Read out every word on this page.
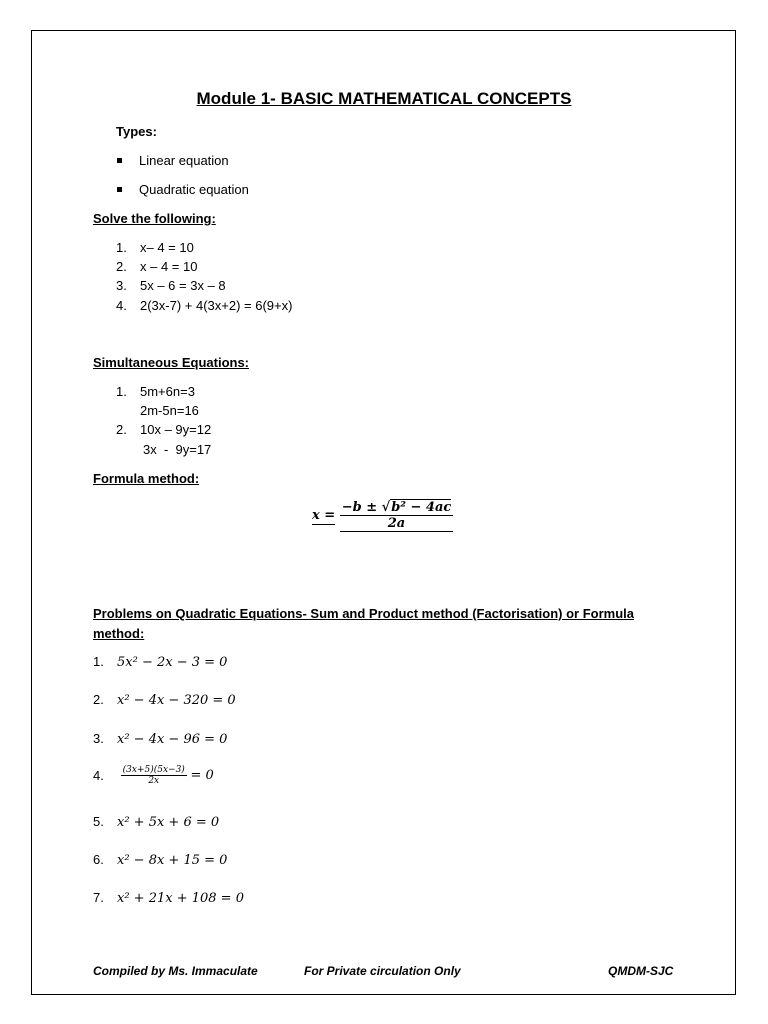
Module 1- BASIC MATHEMATICAL CONCEPTS
Types:
Linear equation
Quadratic equation
Solve the following:
1. x– 4 = 10
2. x – 4 = 10
3. 5x – 6 = 3x – 8
4. 2(3x-7) + 4(3x+2) = 6(9+x)
Simultaneous Equations:
1. 5m+6n=3
2m-5n=16
2. 10x – 9y=12
3x  -  9y=17
Formula method:
$x = \frac{\text{−b ± √b² − 4ac}}{2a}$
Problems on Quadratic Equations- Sum and Product method (Factorisation) or Formula
method:
1. 5x² − 2x − 3 = 0
2. x² − 4x − 320 = 0
3. x² − 4x − 96 = 0
4. $\frac{(3x+5)(5x-3)}{2x} = 0$
5. x² + 5x + 6 = 0
6. x² − 8x + 15 = 0
7. x² + 21x + 108 = 0
Compiled by Ms. Immaculate	For Private circulation Only	QMDM-SJC
